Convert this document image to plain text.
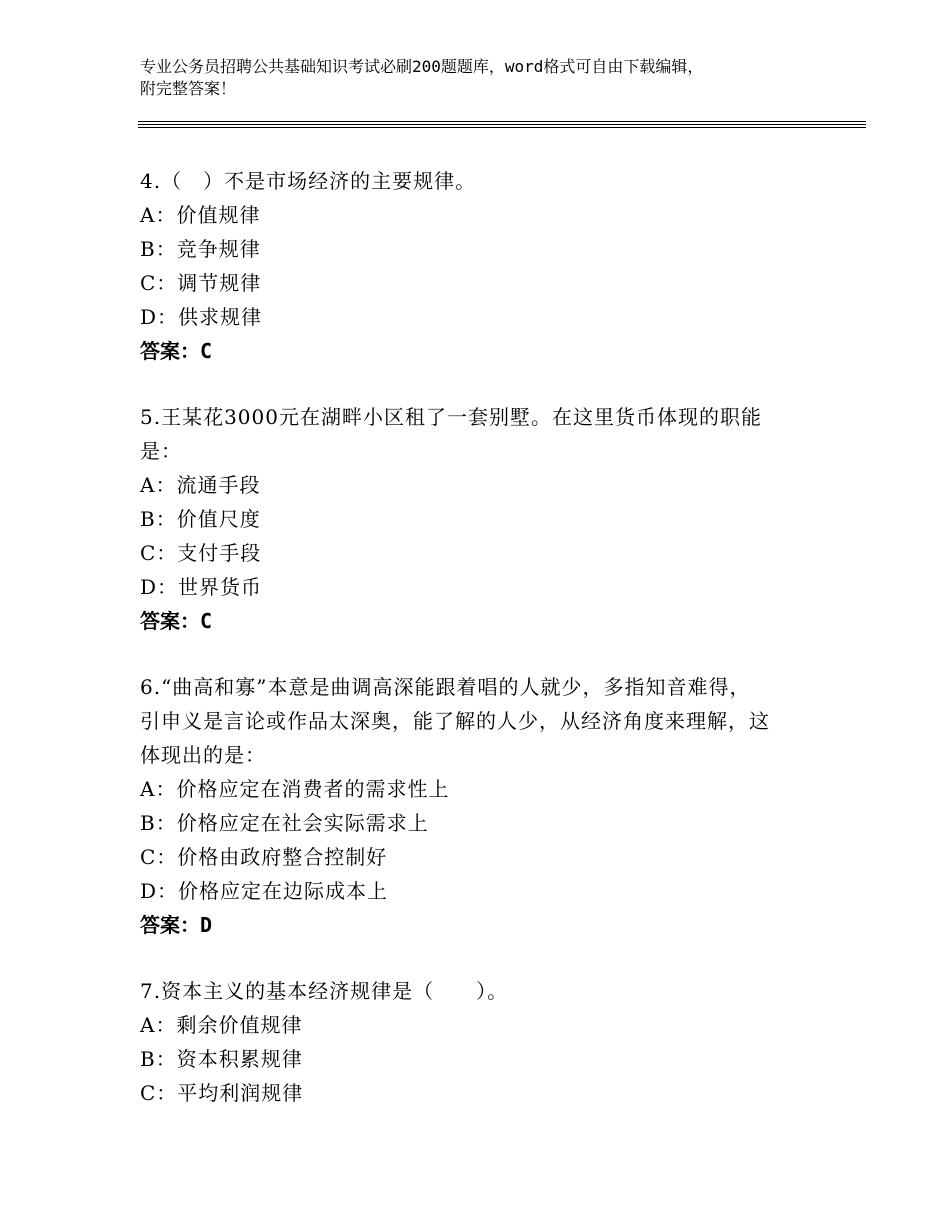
专业公务员招聘公共基础知识考试必刷200题题库，word格式可自由下载编辑，
附完整答案！
4.（　）不是市场经济的主要规律。
A：价值规律
B：竞争规律
C：调节规律
D：供求规律
答案：C
5.王某花3000元在湖畔小区租了一套别墅。在这里货币体现的职能
是：
A：流通手段
B：价值尺度
C：支付手段
D：世界货币
答案：C
6.“曲高和寡”本意是曲调高深能跟着唱的人就少，多指知音难得，
引申义是言论或作品太深奥，能了解的人少，从经济角度来理解，这
体现出的是：
A：价格应定在消费者的需求性上
B：价格应定在社会实际需求上
C：价格由政府整合控制好
D：价格应定在边际成本上
答案：D
7.资本主义的基本经济规律是（　　）。
A：剩余价值规律
B：资本积累规律
C：平均利润规律
